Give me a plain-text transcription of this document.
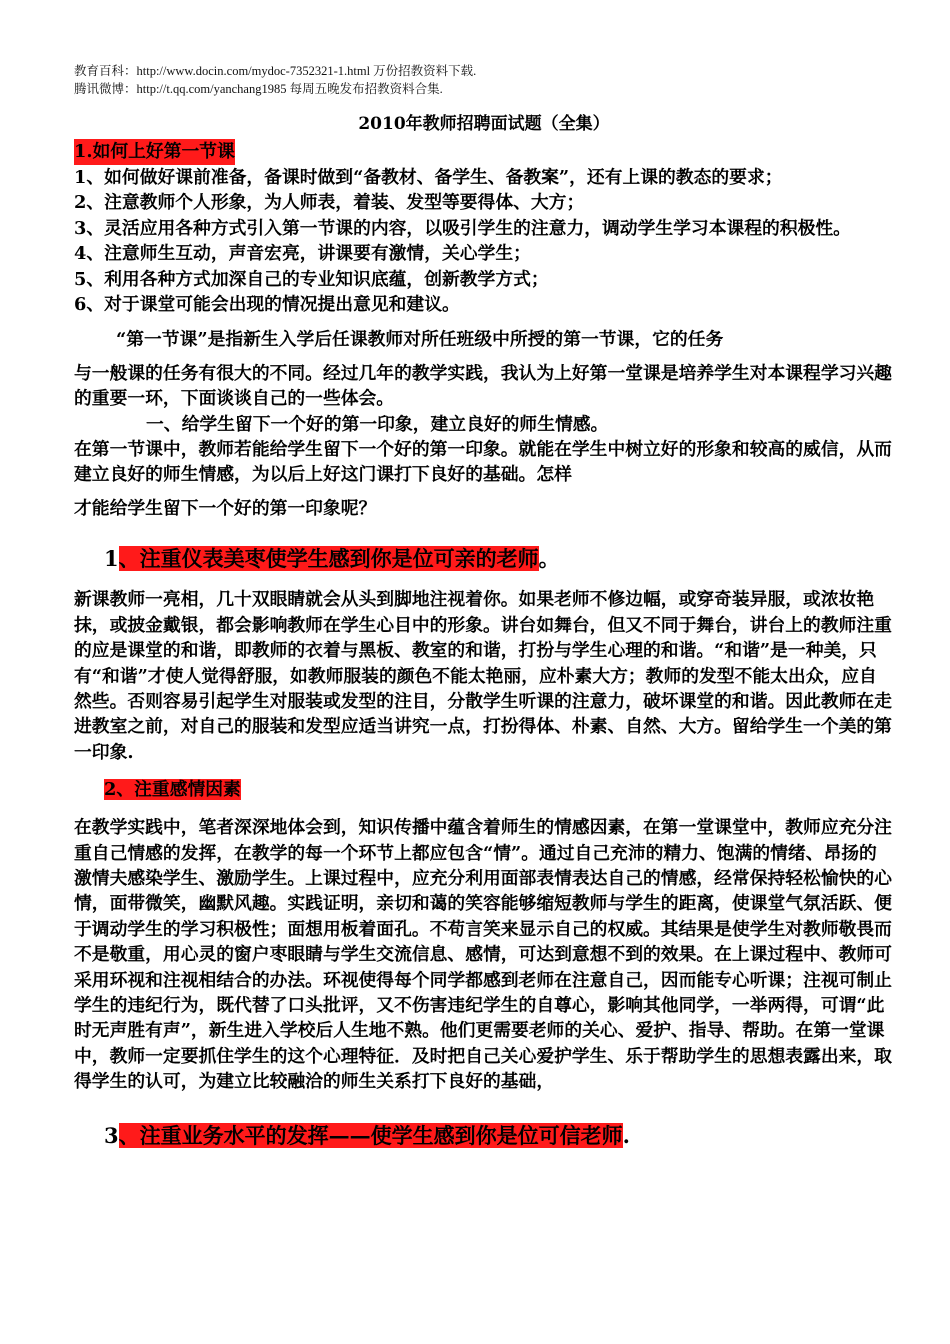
教育百科：http://www.docin.com/mydoc-7352321-1.html 万份招教资料下载.
腾讯微博：http://t.qq.com/yanchang1985 每周五晚发布招教资料合集.
2010年教师招聘面试题（全集）
1.如何上好第一节课
1、如何做好课前准备，备课时做到“备教材、备学生、备教案”，还有上课的教态的要求；
2、注意教师个人形象，为人师表，着装、发型等要得体、大方；
3、灵活应用各种方式引入第一节课的内容，以吸引学生的注意力，调动学生学习本课程的积极性。
4、注意师生互动，声音宏亮，讲课要有激情，关心学生；
5、利用各种方式加深自己的专业知识底蕴，创新教学方式；
6、对于课堂可能会出现的情况提出意见和建议。
“第一节课”是指新生入学后任课教师对所任班级中所授的第一节课，它的任务
与一般课的任务有很大的不同。经过几年的教学实践，我认为上好第一堂课是培养学生对本课程学习兴趣的重要一环，下面谈谈自己的一些体会。
一、给学生留下一个好的第一印象，建立良好的师生情感。
在第一节课中，教师若能给学生留下一个好的第一印象。就能在学生中树立好的形象和较高的威信，从而建立良好的师生情感，为以后上好这门课打下良好的基础。怎样
才能给学生留下一个好的第一印象呢？
1、注重仪表美枣使学生感到你是位可亲的老师。
新课教师一亮相，几十双眼睛就会从头到脚地注视着你。如果老师不修边幅，或穿奇装异服，或浓妆艳抹，或披金戴银，都会影响教师在学生心目中的形象。讲台如舞台，但又不同于舞台，讲台上的教师注重的应是课堂的和谐，即教师的衣着与黑板、教室的和谐，打扮与学生心理的和谐。“和谐”是一种美，只有“和谐”才使人觉得舒服，如教师服装的颜色不能太艳丽，应朴素大方；教师的发型不能太出众，应自然些。否则容易引起学生对服装或发型的注目，分散学生听课的注意力，破坏课堂的和谐。因此教师在走进教室之前，对自己的服装和发型应适当讲究一点，打扮得体、朴素、自然、大方。留给学生一个美的第一印象.
2、注重感情因素
在教学实践中，笔者深深地体会到，知识传播中蕴含着师生的情感因素，在第一堂课堂中，教师应充分注重自己情感的发挥，在教学的每一个环节上都应包含“情”。通过自己充沛的精力、饱满的情绪、昂扬的激情夫感染学生、激励学生。上课过程中，应充分利用面部表情表达自己的情感，经常保持轻松愉快的心情，面带微笑，幽默风趣。实践证明，亲切和蔼的笑容能够缩短教师与学生的距离，使课堂气氛活跃、便于调动学生的学习积极性；面想用板着面孔。不苟言笑来显示自己的权威。其结果是使学生对教师敬畏而不是敬重，用心灵的窗户枣眼睛与学生交流信息、感情，可达到意想不到的效果。在上课过程中、教师可采用环视和注视相结合的办法。环视使得每个同学都感到老师在注意自己，因而能专心听课；注视可制止学生的违纪行为，既代替了口头批评，又不伤害违纪学生的自尊心，影响其他同学，一举两得，可谓“此时无声胜有声”，新生进入学校后人生地不熟。他们更需要老师的关心、爱护、指导、帮助。在第一堂课中，教师一定要抓住学生的这个心理特征．及时把自己关心爱护学生、乐于帮助学生的思想表露出来，取得学生的认可，为建立比较融洽的师生关系打下良好的基础，
3、注重业务水平的发挥——使学生感到你是位可信老师.
